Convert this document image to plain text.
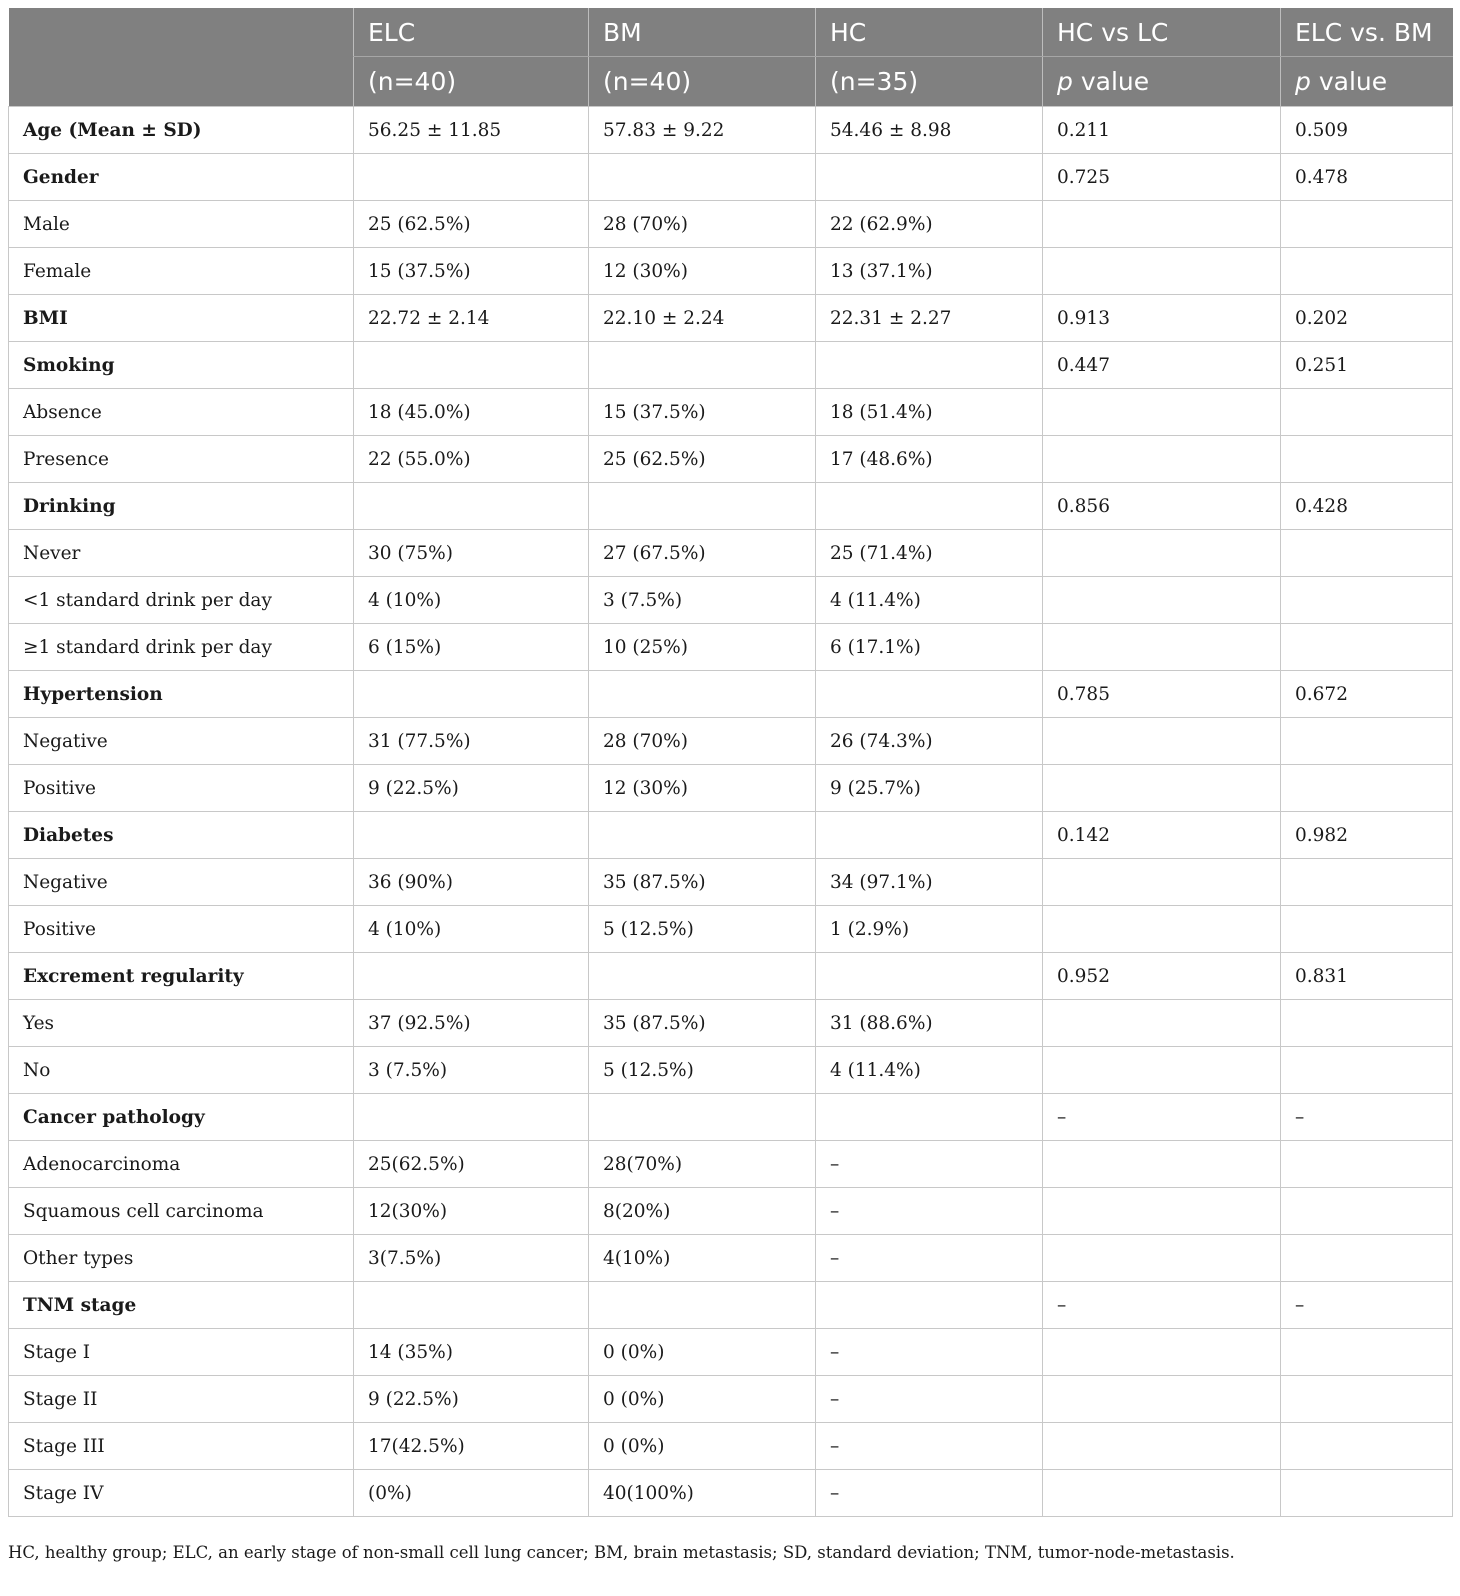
	ELC	BM	HC	HC vs LC	ELC vs. BM
	(n=40)	(n=40)	(n=35)	p value	p value
Age (Mean ± SD)	56.25 ± 11.85	57.83 ± 9.22	54.46 ± 8.98	0.211	0.509
Gender				0.725	0.478
Male	25 (62.5%)	28 (70%)	22 (62.9%)		
Female	15 (37.5%)	12 (30%)	13 (37.1%)		
BMI	22.72 ± 2.14	22.10 ± 2.24	22.31 ± 2.27	0.913	0.202
Smoking				0.447	0.251
Absence	18 (45.0%)	15 (37.5%)	18 (51.4%)		
Presence	22 (55.0%)	25 (62.5%)	17 (48.6%)		
Drinking				0.856	0.428
Never	30 (75%)	27 (67.5%)	25 (71.4%)		
<1 standard drink per day	4 (10%)	3 (7.5%)	4 (11.4%)		
≥1 standard drink per day	6 (15%)	10 (25%)	6 (17.1%)		
Hypertension				0.785	0.672
Negative	31 (77.5%)	28 (70%)	26 (74.3%)		
Positive	9 (22.5%)	12 (30%)	9 (25.7%)		
Diabetes				0.142	0.982
Negative	36 (90%)	35 (87.5%)	34 (97.1%)		
Positive	4 (10%)	5 (12.5%)	1 (2.9%)		
Excrement regularity				0.952	0.831
Yes	37 (92.5%)	35 (87.5%)	31 (88.6%)		
No	3 (7.5%)	5 (12.5%)	4 (11.4%)		
Cancer pathology				–	–
Adenocarcinoma	25(62.5%)	28(70%)	–		
Squamous cell carcinoma	12(30%)	8(20%)	–		
Other types	3(7.5%)	4(10%)	–		
TNM stage				–	–
Stage I	14 (35%)	0 (0%)	–		
Stage II	9 (22.5%)	0 (0%)	–		
Stage III	17(42.5%)	0 (0%)	–		
Stage IV	(0%)	40(100%)	–		
HC, healthy group; ELC, an early stage of non-small cell lung cancer; BM, brain metastasis; SD, standard deviation; TNM, tumor-node-metastasis.
